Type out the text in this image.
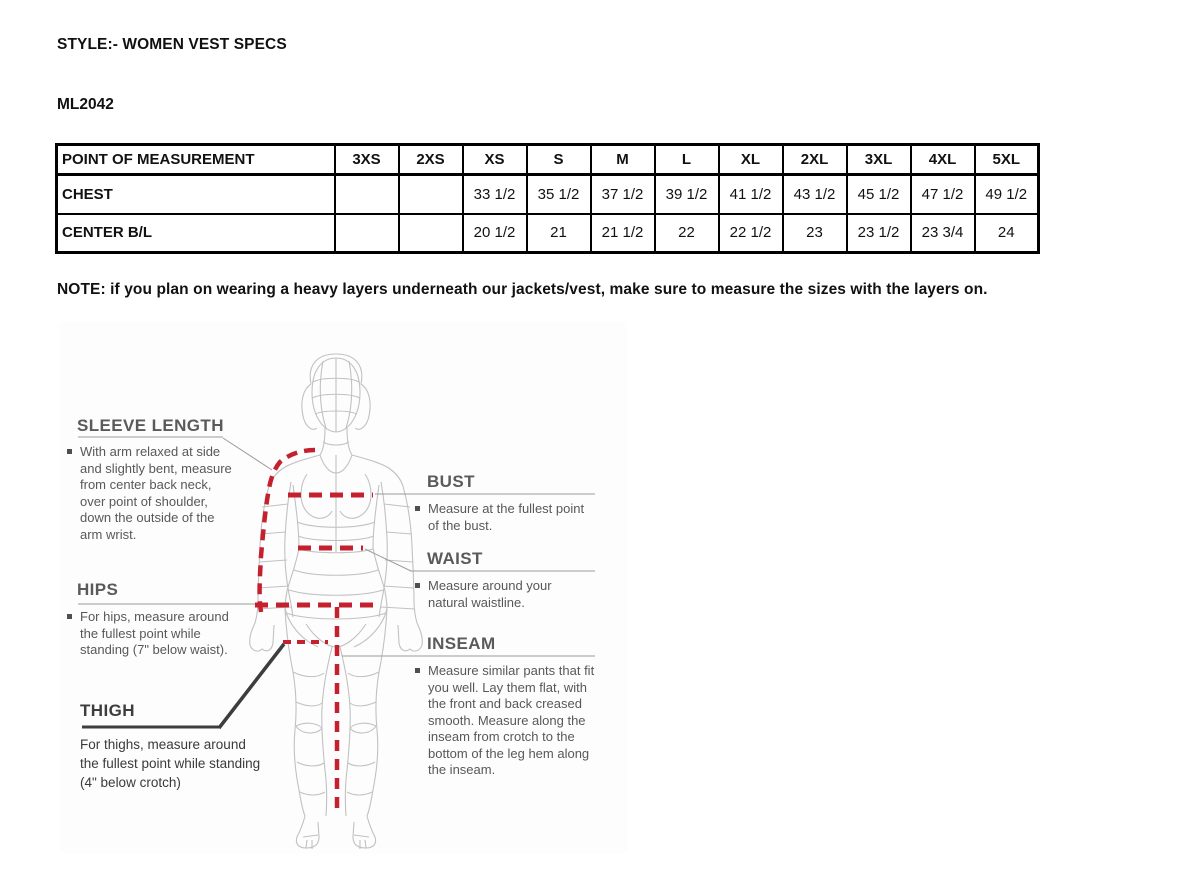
STYLE:- WOMEN VEST SPECS
ML2042
POINT OF MEASUREMENT	3XS	2XS	XS	S	M	L	XL	2XL	3XL	4XL	5XL
CHEST			33 1/2	35 1/2	37 1/2	39 1/2	41 1/2	43 1/2	45 1/2	47 1/2	49 1/2
CENTER B/L			20 1/2	21	21 1/2	22	22 1/2	23	23 1/2	23 3/4	24
NOTE: if you plan on wearing a heavy layers underneath our jackets/vest, make sure to measure the sizes with the layers on.
SLEEVE LENGTH
With arm relaxed at side and slightly bent, measure from center back neck, over point of shoulder, down the outside of the arm wrist.
HIPS
For hips, measure around the fullest point while standing (7" below waist).
THIGH
For thighs, measure around the fullest point while standing (4" below crotch)
BUST
Measure at the fullest point of the bust.
WAIST
Measure around your natural waistline.
INSEAM
Measure similar pants that fit you well. Lay them flat, with the front and back creased smooth. Measure along the inseam from crotch to the bottom of the leg hem along the inseam.
